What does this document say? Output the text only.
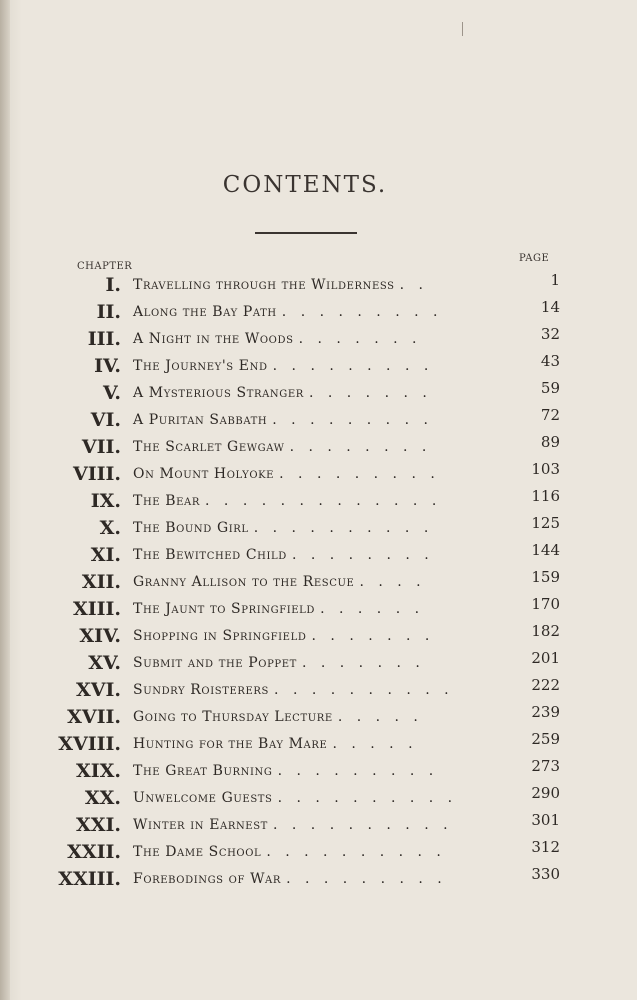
CONTENTS.
CHAPTER
PAGE
I. Travelling through the Wilderness . .	1
II. Along the Bay Path . . . . . . . . .	14
III. A Night in the Woods . . . . . . .	32
IV. The Journey's End . . . . . . . . .	43
V. A Mysterious Stranger . . . . . . .	59
VI. A Puritan Sabbath . . . . . . . . .	72
VII. The Scarlet Gewgaw . . . . . . . .	89
VIII. On Mount Holyoke . . . . . . . . .	103
IX. The Bear . . . . . . . . . . . . .	116
X. The Bound Girl . . . . . . . . . .	125
XI. The Bewitched Child . . . . . . . .	144
XII. Granny Allison to the Rescue . . . .	159
XIII. The Jaunt to Springfield . . . . . .	170
XIV. Shopping in Springfield . . . . . . .	182
XV. Submit and the Poppet . . . . . . .	201
XVI. Sundry Roisterers . . . . . . . . . .	222
XVII. Going to Thursday Lecture . . . . .	239
XVIII. Hunting for the Bay Mare . . . . .	259
XIX. The Great Burning . . . . . . . . .	273
XX. Unwelcome Guests . . . . . . . . . .	290
XXI. Winter in Earnest . . . . . . . . . .	301
XXII. The Dame School . . . . . . . . . .	312
XXIII. Forebodings of War . . . . . . . . .	330
